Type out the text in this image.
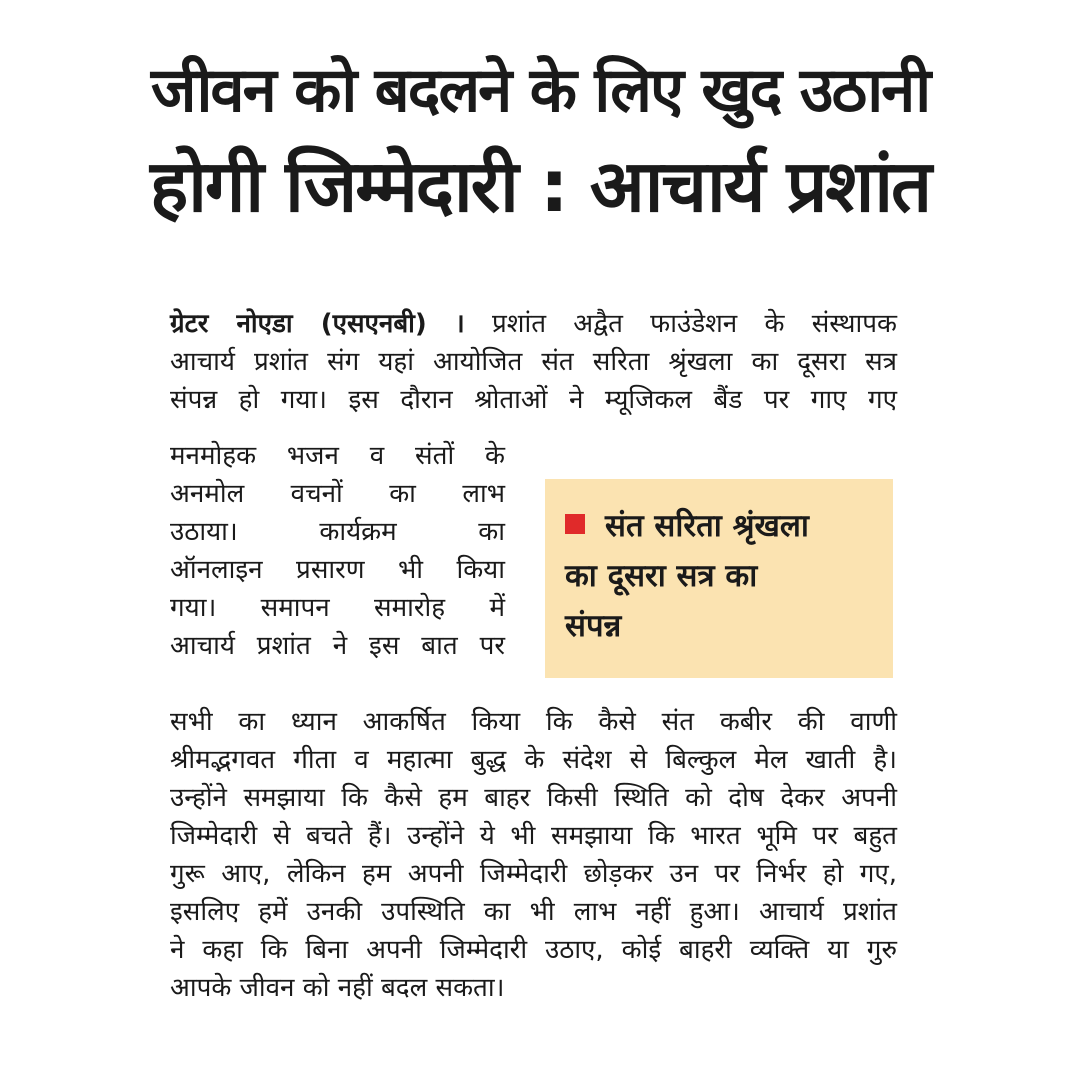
जीवन को बदलने के लिए खुद उठानी
होगी जिम्मेदारी : आचार्य प्रशांत
ग्रेटर नोएडा (एसएनबी) । प्रशांत अद्वैत फाउंडेशन के संस्थापक
आचार्य प्रशांत संग यहां आयोजित संत सरिता श्रृंखला का दूसरा सत्र
संपन्न हो गया। इस दौरान श्रोताओं ने म्यूजिकल बैंड पर गाए गए
मनमोहक भजन व संतों के
अनमोल वचनों का लाभ
उठाया। कार्यक्रम का
ऑनलाइन प्रसारण भी किया
गया। समापन समारोह में
आचार्य प्रशांत ने इस बात पर

संत सरिता श्रृंखला
का दूसरा सत्र का
संपन्न

सभी का ध्यान आकर्षित किया कि कैसे संत कबीर की वाणी
श्रीमद्भगवत गीता व महात्मा बुद्ध के संदेश से बिल्कुल मेल खाती है।
उन्होंने समझाया कि कैसे हम बाहर किसी स्थिति को दोष देकर अपनी
जिम्मेदारी से बचते हैं। उन्होंने ये भी समझाया कि भारत भूमि पर बहुत
गुरू आए, लेकिन हम अपनी जिम्मेदारी छोड़कर उन पर निर्भर हो गए,
इसलिए हमें उनकी उपस्थिति का भी लाभ नहीं हुआ। आचार्य प्रशांत
ने कहा कि बिना अपनी जिम्मेदारी उठाए, कोई बाहरी व्यक्ति या गुरु
आपके जीवन को नहीं बदल सकता।
